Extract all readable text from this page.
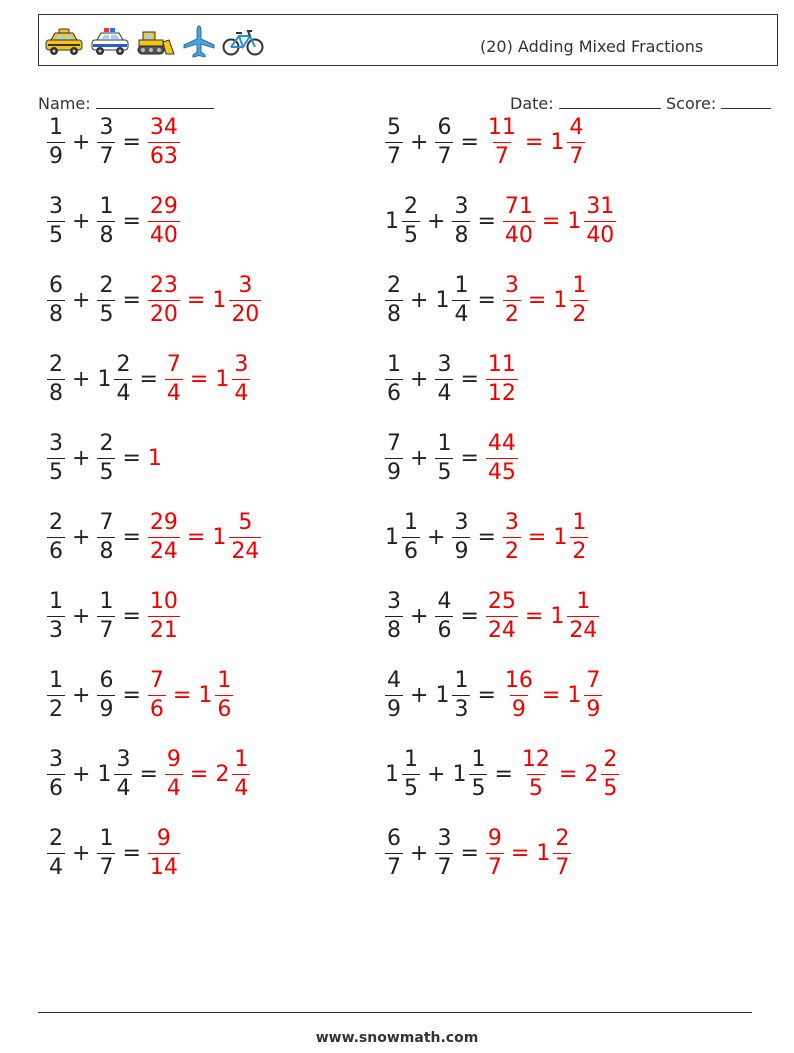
(20) Adding Mixed Fractions
Name:	Date:	Score:
$\frac{1}{9} + \frac{3}{7} = \frac{34}{63}$	$\frac{5}{7} + \frac{6}{7} = \frac{11}{7} = 1 \frac{4}{7}$
$\frac{3}{5} + \frac{1}{8} = \frac{29}{40}$	$1 \frac{2}{5} + \frac{3}{8} = \frac{71}{40} = 1 \frac{31}{40}$
$\frac{6}{8} + \frac{2}{5} = \frac{23}{20} = 1 \frac{3}{20}$	$\frac{2}{8} + 1 \frac{1}{4} = \frac{3}{2} = 1 \frac{1}{2}$
$\frac{2}{8} + 1 \frac{2}{4} = \frac{7}{4} = 1 \frac{3}{4}$	$\frac{1}{6} + \frac{3}{4} = \frac{11}{12}$
$\frac{3}{5} + \frac{2}{5} = 1$	$\frac{7}{9} + \frac{1}{5} = \frac{44}{45}$
$\frac{2}{6} + \frac{7}{8} = \frac{29}{24} = 1 \frac{5}{24}$	$1 \frac{1}{6} + \frac{3}{9} = \frac{3}{2} = 1 \frac{1}{2}$
$\frac{1}{3} + \frac{1}{7} = \frac{10}{21}$	$\frac{3}{8} + \frac{4}{6} = \frac{25}{24} = 1 \frac{1}{24}$
$\frac{1}{2} + \frac{6}{9} = \frac{7}{6} = 1 \frac{1}{6}$	$\frac{4}{9} + 1 \frac{1}{3} = \frac{16}{9} = 1 \frac{7}{9}$
$\frac{3}{6} + 1 \frac{3}{4} = \frac{9}{4} = 2 \frac{1}{4}$	$1 \frac{1}{5} + 1 \frac{1}{5} = \frac{12}{5} = 2 \frac{2}{5}$
$\frac{2}{4} + \frac{1}{7} = \frac{9}{14}$	$\frac{6}{7} + \frac{3}{7} = \frac{9}{7} = 1 \frac{2}{7}$
www.snowmath.com
